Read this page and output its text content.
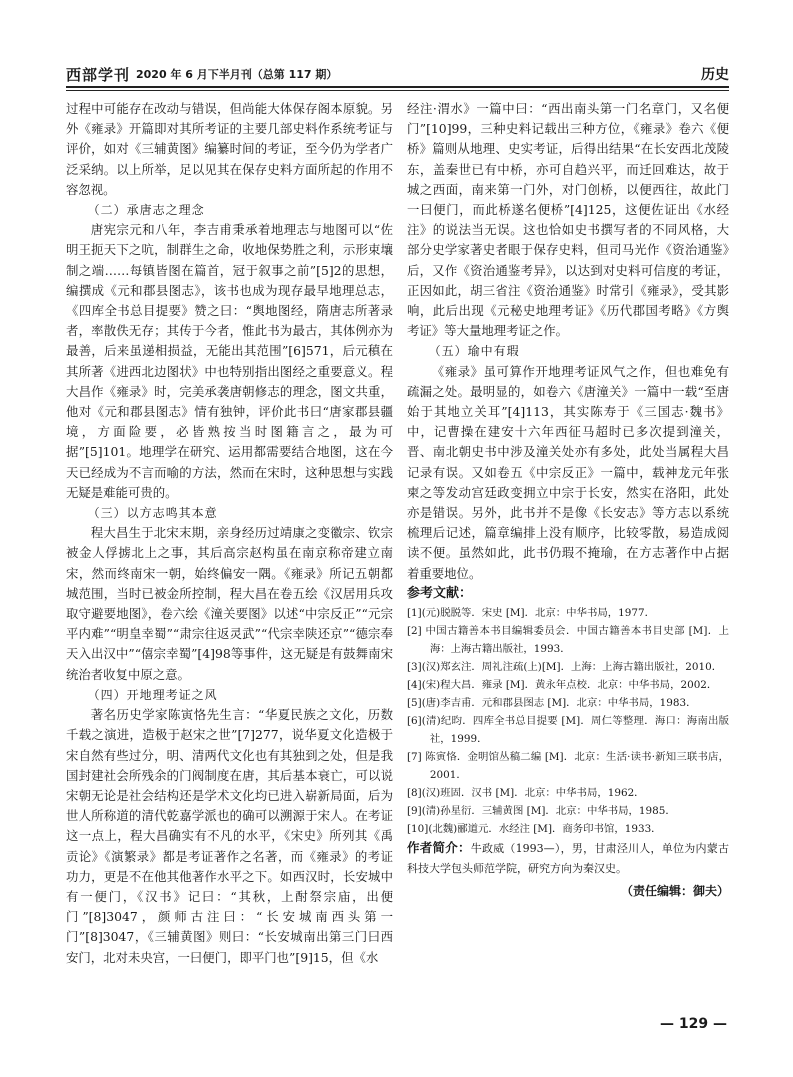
西部学刊 2020 年 6 月下半月刊（总第 117 期）	历史

过程中可能存在改动与错误，但尚能大体保存阁本原貌。另外《雍录》开篇即对其所考证的主要几部史料作系统考证与评价，如对《三辅黄图》编纂时间的考证，至今仍为学者广泛采纳。以上所举，足以见其在保存史料方面所起的作用不容忽视。

（二）承唐志之理念

唐宪宗元和八年，李吉甫秉承着地理志与地图可以“佐明王扼天下之吭，制群生之命，收地保势胜之利，示形束壤制之端……每镇皆图在篇首，冠于叙事之前”[5]2的思想，编撰成《元和郡县图志》，该书也成为现存最早地理总志，《四库全书总目提要》赞之曰：“舆地图经，隋唐志所著录者，率散佚无存；其传于今者，惟此书为最古，其体例亦为最善，后来虽递相损益，无能出其范围”[6]571，后元稹在其所著《进西北边图状》中也特别指出图经之重要意义。程大昌作《雍录》时，完美承袭唐朝修志的理念，图文共重，他对《元和郡县图志》情有独钟，评价此书曰“唐家郡县疆境，方面险要，必皆熟按当时图籍言之，最为可据”[5]101。地理学在研究、运用都需要结合地图，这在今天已经成为不言而喻的方法，然而在宋时，这种思想与实践无疑是难能可贵的。

（三）以方志鸣其本意

程大昌生于北宋末期，亲身经历过靖康之变徽宗、钦宗被金人俘掳北上之事，其后高宗赵构虽在南京称帝建立南宋，然而终南宋一朝，始终偏安一隅。《雍录》所记五朝都城范围，当时已被金所控制，程大昌在卷五绘《汉居用兵攻取守避要地图》，卷六绘《潼关要图》以述“中宗反正”“元宗平内难”“明皇幸蜀”“肃宗往返灵武”“代宗幸陕还京”“德宗奉天入出汉中”“僖宗幸蜀”[4]98等事件，这无疑是有鼓舞南宋统治者收复中原之意。

（四）开地理考证之风

著名历史学家陈寅恪先生言：“华夏民族之文化，历数千载之演进，造极于赵宋之世”[7]277，说华夏文化造极于宋自然有些过分，明、清两代文化也有其独到之处，但是我国封建社会所残余的门阀制度在唐，其后基本衰亡，可以说宋朝无论是社会结构还是学术文化均已进入崭新局面，后为世人所称道的清代乾嘉学派也的确可以溯源于宋人。在考证这一点上，程大昌确实有不凡的水平，《宋史》所列其《禹贡论》《演繁录》都是考证著作之名著，而《雍录》的考证功力，更是不在他其他著作水平之下。如西汉时，长安城中有一便门，《汉书》记曰：“其秋，上酎祭宗庙，出便门”[8]3047，颜师古注曰：“长安城南西头第一门”[8]3047，《三辅黄图》则曰：“长安城南出第三门曰西安门，北对未央宫，一曰便门，即平门也”[9]15，但《水

经注·渭水》一篇中曰：“西出南头第一门名章门，又名便门”[10]99，三种史料记载出三种方位，《雍录》卷六《便桥》篇则从地理、史实考证，后得出结果“在长安西北茂陵东，盖秦世已有中桥，亦可自趋兴平，而迁回难达，故于城之西面，南来第一门外，对门创桥，以便西往，故此门一曰便门，而此桥遂名便桥”[4]125，这便佐证出《水经注》的说法当无误。这也恰如史书撰写者的不同风格，大部分史学家著史者眼于保存史料，但司马光作《资治通鉴》后，又作《资治通鉴考异》，以达到对史料可信度的考证，正因如此，胡三省注《资治通鉴》时常引《雍录》，受其影响，此后出现《元秘史地理考证》《历代郡国考略》《方舆考证》等大量地理考证之作。

（五）瑜中有瑕

《雍录》虽可算作开地理考证风气之作，但也难免有疏漏之处。最明显的，如卷六《唐潼关》一篇中一载“至唐始于其地立关耳”[4]113，其实陈寿于《三国志·魏书》中，记曹操在建安十六年西征马超时已多次提到潼关，晋、南北朝史书中涉及潼关处亦有多处，此处当属程大昌记录有误。又如卷五《中宗反正》一篇中，载神龙元年张柬之等发动宫廷政变拥立中宗于长安，然实在洛阳，此处亦是错误。另外，此书并不是像《长安志》等方志以系统梳理后记述，篇章编排上没有顺序，比较零散，易造成阅读不便。虽然如此，此书仍瑕不掩瑜，在方志著作中占据着重要地位。

参考文献：

[1](元)脱脱等．宋史 [M]．北京：中华书局，1977．
[2] 中国古籍善本书目编辑委员会．中国古籍善本书目史部 [M]．上海：上海古籍出版社，1993．
[3](汉)郑玄注．周礼注疏(上)[M]．上海：上海古籍出版社，2010．
[4](宋)程大昌．雍录 [M]．黄永年点校．北京：中华书局，2002．
[5](唐)李吉甫．元和郡县图志 [M]．北京：中华书局，1983．
[6](清)纪昀．四库全书总目提要 [M]．周仁等整理．海口：海南出版社，1999．
[7] 陈寅恪．金明馆丛稿二编 [M]．北京：生活·读书·新知三联书店，2001．
[8](汉)班固．汉书 [M]．北京：中华书局，1962．
[9](清)孙星衍．三辅黄图 [M]．北京：中华书局，1985．
[10](北魏)郦道元．水经注 [M]．商务印书馆，1933．

作者简介：牛政威（1993—），男，甘肃泾川人，单位为内蒙古科技大学包头师范学院，研究方向为秦汉史。

（责任编辑：御夫）
— 129 —
